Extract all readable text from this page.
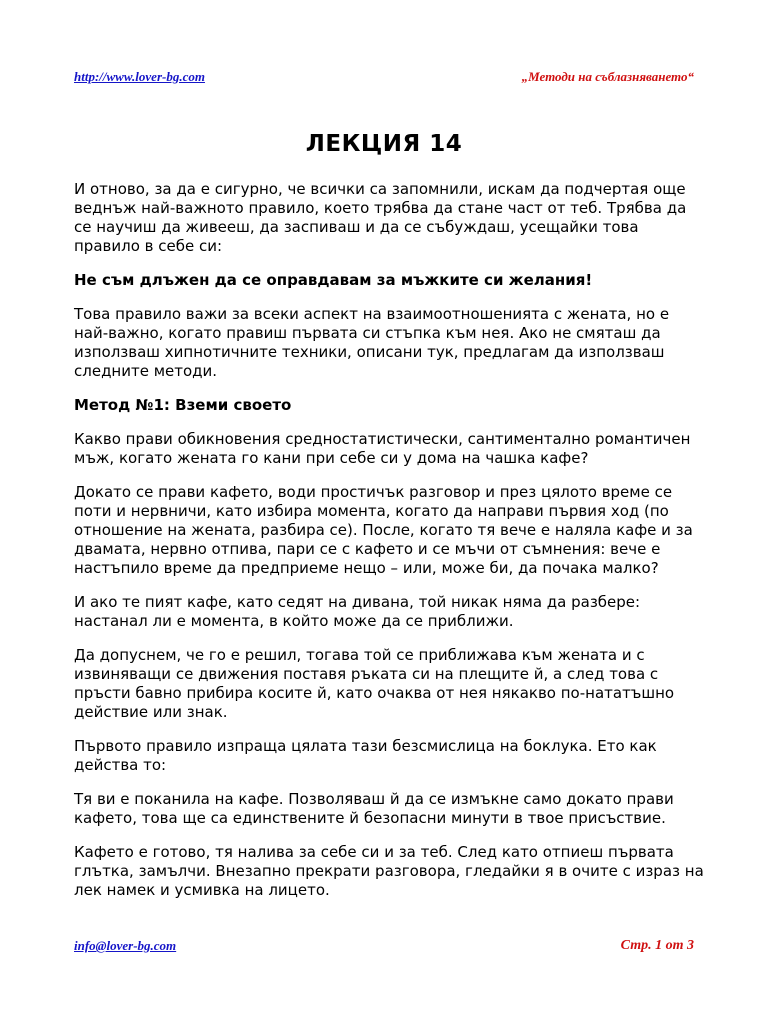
http://www.lover-bg.com	„Методи на съблазняването“
ЛЕКЦИЯ 14

И отново, за да е сигурно, че всички са запомнили, искам да подчертая още веднъж най-важното правило, което трябва да стане част от теб. Трябва да се научиш да живееш, да заспиваш и да се събуждаш, усещайки това правило в себе си:

Не съм длъжен да се оправдавам за мъжките си желания!

Това правило важи за всеки аспект на взаимоотношенията с жената, но е най-важно, когато правиш първата си стъпка към нея. Ако не смяташ да използваш хипнотичните техники, описани тук, предлагам да използваш следните методи.

Метод №1: Вземи своето

Какво прави обикновения средностатистически, сантиментално романтичен мъж, когато жената го кани при себе си у дома на чашка кафе?

Докато се прави кафето, води простичък разговор и през цялото време се поти и нервничи, като избира момента, когато да направи първия ход (по отношение на жената, разбира се). После, когато тя вече е наляла кафе и за двамата, нервно отпива, пари се с кафето и се мъчи от съмнения: вече е настъпило време да предприеме нещо – или, може би, да почака малко?

И ако те пият кафе, като седят на дивана, той никак няма да разбере: настанал ли е момента, в който може да се приближи.

Да допуснем, че го е решил, тогава той се приближава към жената и с извиняващи се движения поставя ръката си на плещите й, а след това с пръсти бавно прибира косите й, като очаква от нея някакво по-нататъшно действие или знак.

Първото правило изпраща цялата тази безсмислица на боклука. Ето как действа то:

Тя ви е поканила на кафе. Позволяваш й да се измъкне само докато прави кафето, това ще са единствените й безопасни минути в твое присъствие.

Кафето е готово, тя налива за себе си и за теб. След като отпиеш първата глътка, замълчи. Внезапно прекрати разговора, гледайки я в очите с израз на лек намек и усмивка на лицето.

info@lover-bg.com	Стр. 1 от 3
